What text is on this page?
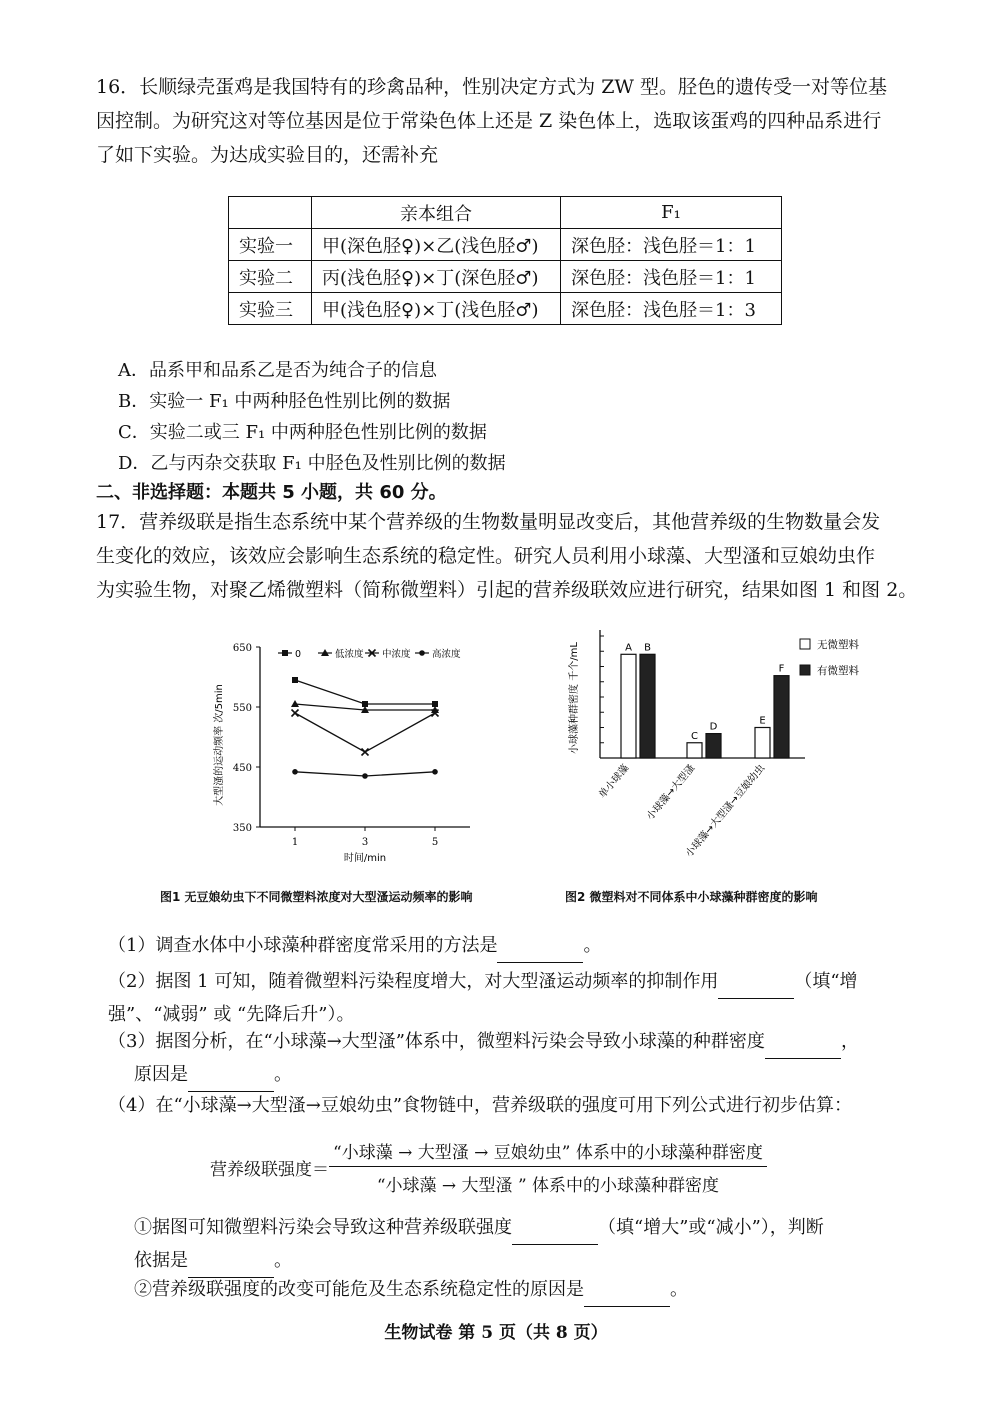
16．长顺绿壳蛋鸡是我国特有的珍禽品种，性别决定方式为 ZW 型。胫色的遗传受一对等位基
因控制。为研究这对等位基因是位于常染色体上还是 Z 染色体上，选取该蛋鸡的四种品系进行
了如下实验。为达成实验目的，还需补充
	亲本组合	F₁
实验一	甲(深色胫♀)×乙(浅色胫♂)	深色胫：浅色胫＝1：1
实验二	丙(浅色胫♀)×丁(深色胫♂)	深色胫：浅色胫＝1：1
实验三	甲(浅色胫♀)×丁(浅色胫♂)	深色胫：浅色胫＝1：3
A．品系甲和品系乙是否为纯合子的信息
B．实验一 F₁ 中两种胫色性别比例的数据
C．实验二或三 F₁ 中两种胫色性别比例的数据
D．乙与丙杂交获取 F₁ 中胫色及性别比例的数据
二、非选择题：本题共 5 小题，共 60 分。
17．营养级联是指生态系统中某个营养级的生物数量明显改变后，其他营养级的生物数量会发
生变化的效应，该效应会影响生态系统的稳定性。研究人员利用小球藻、大型溞和豆娘幼虫作
为实验生物，对聚乙烯微塑料（简称微塑料）引起的营养级联效应进行研究，结果如图 1 和图 2。
大型溞的运动频率 次/5min
时间/min
350
450
550
650
1	3	5
0	低浓度 中浓度 高浓度
图1 无豆娘幼虫下不同微塑料浓度对大型溞运动频率的影响
小球藻种群密度 千个/mL	A B
C
D
E
F
单小球藻 小球藻→大型溞
小球藻→大型溞→豆娘幼虫
无微塑料
有微塑料
图2 微塑料对不同体系中小球藻种群密度的影响
（1）调查水体中小球藻种群密度常采用的方法是	。
（2）据图 1 可知，随着微塑料污染程度增大，对大型溞运动频率的抑制作用	（填“增
强”、“减弱” 或 “先降后升”）。
（3）据图分析，在“小球藻→大型溞”体系中，微塑料污染会导致小球藻的种群密度	，
原因是	。
（4）在“小球藻→大型溞→豆娘幼虫”食物链中，营养级联的强度可用下列公式进行初步估算：
营养级联强度＝
“小球藻 → 大型溞 → 豆娘幼虫” 体系中的小球藻种群密度
“小球藻 → 大型溞 ” 体系中的小球藻种群密度
①据图可知微塑料污染会导致这种营养级联强度	（填“增大”或“减小”），判断
依据是	。
②营养级联强度的改变可能危及生态系统稳定性的原因是	。
生物试卷 第 5 页（共 8 页）
